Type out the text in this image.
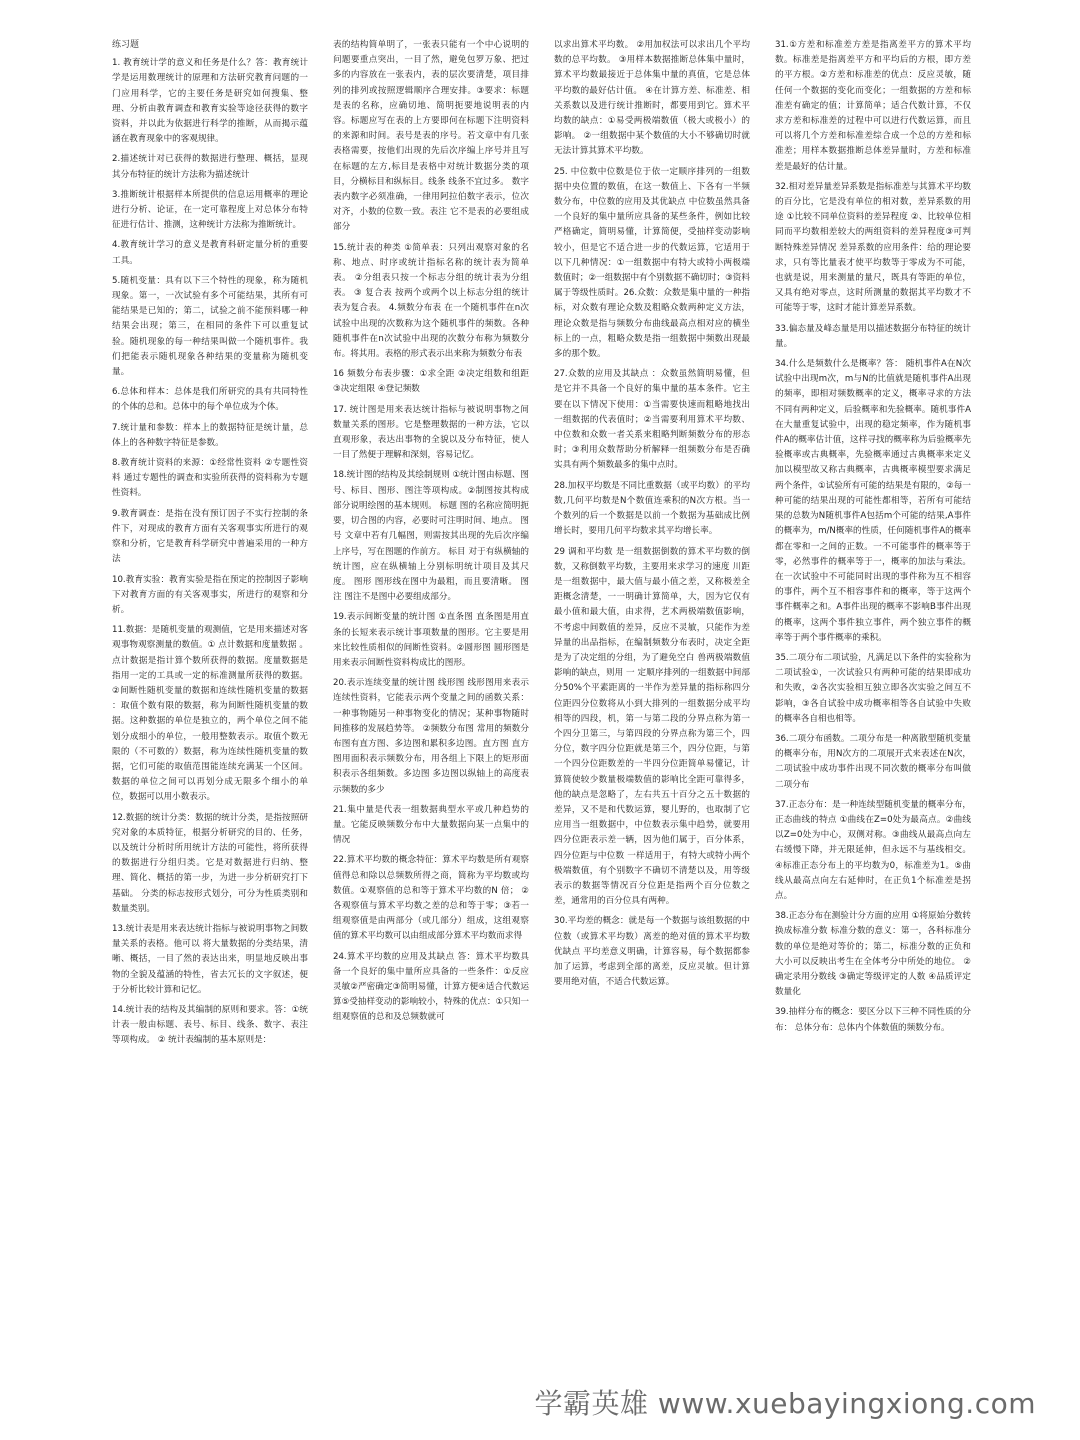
练习题

1. 教育统计学的意义和任务是什么？答：教育统计学是运用数理统计的原理和方法研究教育问题的一门应用科学，它的主要任务是研究如何搜集、整理、分析由教育调查和教育实验等途径获得的数字资料，并以此为依据进行科学的推断，从而揭示蕴涵在教育现象中的客观规律。

2.描述统计对已获得的数据进行整理、概括，显现其分布特征的统计方法称为描述统计

3.推断统计根据样本所提供的信息运用概率的理论进行分析、论证，在一定可靠程度上对总体分布特征进行估计、推测，这种统计方法称为推断统计。

4.教育统计学习的意义是教育科研定量分析的重要工具。

5.随机变量：具有以下三个特性的现象，称为随机现象。第一，一次试验有多个可能结果，其所有可能结果是已知的；第二，试验之前不能预料哪一种结果会出现；第三，在相同的条件下可以重复试验。随机现象的每一种结果叫做一个随机事件。我们把能表示随机现象各种结果的变量称为随机变量。

6.总体和样本：总体是我们所研究的具有共同特性的个体的总和。总体中的每个单位成为个体。

7.统计量和参数：样本上的数据特征是统计量，总体上的各种数字特征是参数。

8.教育统计资料的来源：①经常性资料 ②专题性资料 通过专题性的调查和实验所获得的资料称为专题性资料。

9.教育调查：是指在没有预订因子不实行控制的条件下，对现成的教育方面有关客观事实所进行的观察和分析，它是教育科学研究中普遍采用的一种方法

10.教育实验：教育实验是指在预定的控制因子影响下对教育方面的有关客观事实，所进行的观察和分析。

11.数据：是随机变量的观测值，它是用来描述对客观事物观察测量的数值。① 点计数据和度量数据 。点计数据是指计算个数所获得的数据。度量数据是指用一定的工具或一定的标准测量所获得的数据。 ②间断性随机变量的数据和连续性随机变量的数据 ：取值个数有限的数据，称为间断性随机变量的数据。这种数据的单位是独立的，两个单位之间不能划分成细小的单位，一般用整数表示。取值个数无限的（不可数的）数据，称为连续性随机变量的数据，它们可能的取值范围能连续充满某一个区间。数据的单位之间可以再划分成无限多个细小的单位，数据可以用小数表示。

12.数据的统计分类：数据的统计分类，是指按照研究对象的本质特征，根据分析研究的目的、任务，以及统计分析时所用统计方法的可能性，将所获得的数据进行分组归类。它是对数据进行归纳、整理、简化、概括的第一步，为进一步分析研究打下基础。 分类的标志按形式划分，可分为性质类别和数量类别。

13.统计表是用来表达统计指标与被说明事物之间数量关系的表格。他可以 将大量数据的分类结果，清晰、概括，一目了然的表达出来，明显地反映出事物的全貌及蕴涵的特性，省去冗长的文字叙述，便于分析比较计算和记忆。

14.统计表的结构及其编制的原则和要求。答：①统计表一般由标题、表号、标目、线条、数字、表注等项构成。 ② 统计表编制的基本原则是：

表的结构简单明了，一张表只能有一个中心说明的问题要重点突出，一目了然，避免包罗万象、把过多的内容放在一张表内，表的层次要清楚，项目排列的排列或按照逻辑顺序合理安排。③要求：标题是表的名称，应确切地、简明扼要地说明表的内容。标题应写在表的上方要即何在标题下注明资料的来源和时间。表号是表的序号。若文章中有几张表格需要，按他们出现的先后次序编上序号并且写在标题的左方,标目是表格中对统计数据分类的项目，分横标目和纵标目。线条 线条不宜过多。 数字 表内数字必须准确，一律用阿拉伯数字表示，位次对齐，小数的位数一致。表注 它不是表的必要组成部分

15.统计表的种类 ①简单表：只列出观察对象的名称、地点、时序或统计指标名称的统计表为简单表。 ②分组表只按一个标志分组的统计表为分组表。 ③ 复合表 按两个或两个以上标志分组的统计表为复合表。 4.频数分布表 在一个随机事件在n次试验中出现的次数称为这个随机事件的频数。各种随机事件在n次试验中出现的次数分布称为频数分布。将其用。表格的形式表示出来称为频数分布表

16 频数分布表步骤：①求全距 ②决定组数和组距 ③决定组限 ④登记频数

17. 统计图是用来表达统计指标与被说明事物之间数量关系的图形。它是整理数据的一种方法，它以直观形象，表达出事物的全貌以及分布特征，使人一目了然便于理解和深刻，容易记忆。

18.统计图的结构及其绘制规则 ①统计图由标题、图号、标目、图形、图注等项构成。②制图按其构成部分说明绘图的基本规则。 标题 图的名称应简明扼要，切合图的内容，必要时可注明时间、地点。 图号 文章中若有几幅图，则需按其出现的先后次序编上序号，写在图题的作前方。 标目 对于有纵横轴的统计图，应在纵横轴上分别标明统计项目及其尺度。 图形 图形线在图中为最粗，而且要清晰。 图注 图注不是图中必要组成部分。

19.表示间断变量的统计图 ①直条图 直条图是用直条的长短来表示统计事项数量的图形。它主要是用来比较性质相似的间断性资料。②圆形图 圆形图是用来表示间断性资料构成比的图形。

20.表示连续变量的统计图 线形图 线形图用来表示连续性资料，它能表示两个变量之间的函数关系：一种事物随另一种事物变化的情况；某种事物随时间推移的发展趋势等。 ②频数分布图 常用的频数分布图有直方图、多边图和累积多边图。直方图 直方图用面积表示频数分布，用各组上下限上的矩形面积表示各组频数。多边图 多边图以纵轴上的高度表示频数的多少

21.集中量是代表一组数据典型水平或几种趋势的量。它能反映频数分布中大量数据向某一点集中的情况

22.算术平均数的概念特征：算术平均数是所有观察值得总和除以总频数所得之商，简称为平均数或均数值。①观察值的总和等于算术平均数的N 倍； ② 各观察值与算术平均数之差的总和等于零；③若一组观察值是由两部分（或几部分）组成，这组观察值的算术平均数可以由组成部分算术平均数而求得

24.算术平均数的应用及其缺点 答：算术平均数具备一个良好的集中量所应具备的一些条件：①反应灵敏②严密确定③简明易懂，计算方便④适合代数运算⑤受抽样变动的影响较小，特殊的优点：①只知一组观察值的总和及总频数就可

以求出算术平均数。 ②用加权法可以求出几个平均数的总平均数。 ③用样本数据推断总体集中量时，算术平均数最接近于总体集中量的真值，它是总体平均数的最好估计值。 ④在计算方差、标准差、相关系数以及进行统计推断时，都要用到它。算术平均数的缺点：①易受两极端数值（极大或极小）的影响。 ②一组数据中某个数值的大小不够确切时就无法计算其算术平均数。

25. 中位数中位数是位于依一定顺序排列的一组数据中央位置的数值，在这一数值上、下各有一半频数分布，中位数的应用及其优缺点 中位数虽然具备一个良好的集中量所应具备的某些条件，例如比较严格确定，简明易懂，计算简便，受抽样变动影响较小，但是它不适合进一步的代数运算，它适用于以下几种情况：①一组数据中有特大或特小两极端数值时；②一组数据中有个别数据不确切时；③资料属于等级性质时。26.众数：众数是集中量的一种指标，对众数有理论众数及粗略众数两种定义方法，理论众数是指与频数分布曲线最高点相对应的横坐标上的一点，粗略众数是指一组数据中频数出现最多的那个数。

27.众数的应用及其缺点 ：众数虽然简明易懂，但是它并不具备一个良好的集中量的基本条件。它主要在以下情况下使用：①当需要快速而粗略地找出一组数据的代表值时；②当需要利用算术平均数、中位数和众数一者关系来粗略判断频数分布的形态时；③利用众数帮助分析解释一组频数分布是否确实具有两个频数最多的集中点时。

28.加权平均数是不同比重数据（或平均数）的平均数,几何平均数是N个数值连乘积的N次方根。当一个数列的后一个数据是以前一个数据为基础成比例增长时，要用几何平均数求其平均增长率。

29 调和平均数 是一组数据倒数的算术平均数的倒数，又称倒数平均数，主要用来求学习的速度 川距是一组数据中，最大值与最小值之差，又称极差全距概念清楚，一一明确计算简单，大，因为它仅有最小值和最大值，由求得，艺术两极端数值影响，不考虑中间数值的差异，反应不灵敏，只能作为差异量的出品指标，在编制频数分布表时，决定全距是为了决定组的分组，为了避免空白 兽两极端数值影响的缺点，则用 一 定顺序排列的一组数据中间部分50%个平素距离的一半作为差异量的指标称四分位距四分位数将从小到大排列的一组数据分成平均相等的四段，机，第一与第二段的分界点称为第一个四分卫第三，与第四段的分界点称为第三个，四分位，数字四分位距就是第三个，四分位距，与第一个四分位距数差的一半四分位距简单易懂记，计算简使较少数量极端数值的影响比全距可靠得多，他的缺点是忽略了，左右共五十百分之五十数据的差异，又不是和代数运算，婴儿野的，也取制了它应用当一组数据中，中位数表示集中趋势，就要用四分位距表示差一辆，因为他们属于，百分体系，四分位距与中位数 一样适用于，有特大或特小两个极端数值，有个别数字不确切不清楚以及，用等级表示的数据等情况百分位距是指两个百分位数之差，通常用的百分位具有两种。

30.平均差的概念：就是每一个数据与该组数据的中位数（或算术平均数）离差的绝对值的算术平均数优缺点 平均差意义明确，计算容易，每个数据都参加了运算，考虑到全部的离差，反应灵敏。但计算要用绝对值，不适合代数运算。

31.①方差和标准差方差是指离差平方的算术平均数。标准差是指离差平方和平均后的方根，即方差的平方根。②方差和标准差的优点：反应灵敏，随任何一个数据的变化而变化；一组数据的方差和标准差有确定的值；计算简单；适合代数计算，不仅求方差和标准差的过程中可以进行代数运算，而且可以将几个方差和标准差综合成一个总的方差和标准差；用样本数据推断总体差异量时，方差和标准差是最好的估计量。

32.相对差异量差异系数是指标准差与其算术平均数的百分比，它是没有单位的相对数，差异系数的用途 ①比较不同单位资料的差异程度 ②、比较单位相同而平均数相差较大的两组资料的差异程度③可判断特殊差异情况 差异系数的应用条件：给的理论要求，只有等比量表才使平均数等于零成为不可能，也就是说，用来测量的量尺，既具有等距的单位，又具有绝对零点，这时所测量的数据其平均数才不可能等于零，这时才能计算差异系数。

33.偏态量及峰态量是用以描述数据分布特征的统计量。

34.什么是频数什么是概率？答： 随机事件A在N次试验中出现m次，m与N的比值就是随机事件A出现的频率，即相对频数概率的定义，概率寻求的方法不同有两种定义，后验概率和先验概率。随机事件A在大量重复试验中，出现的稳定频率，作为随机事件A的概率估计值，这样寻找的概率称为后验概率先验概率或古典概率，先验概率通过古典概率来定义加以模型故又称古典概率，古典概率模型要求满足两个条件，①试验所有可能的结果是有限的，②每一种可能的结果出现的可能性都相等，若所有可能结果的总数为N随机事件A包括m个可能的结果,A事件的概率为，m/N概率的性质，任何随机事件A的概率都在零和一之间的正数。一不可能事件的概率等于零，必然事件的概率等于一，概率的加法与乘法。在一次试验中不可能同时出现的事件称为互不相容的事件，两个互不相容事件和的概率，等于这两个事件概率之和。A事件出现的概率不影响B事件出现的概率，这两个事件独立事件，两个独立事件的概率等于两个事件概率的乘积。

35.二项分布二项试验，凡满足以下条件的实验称为二项试验①，一次试验只有两种可能的结果即成功和失败，②各次实验相互独立即各次实验之间互不影响，③各自试验中成功概率相等各自试验中失败的概率各自相也相等。

36.二项分布函数。二项分布是一种离散型随机变量的概率分布，用N次方的二项展开式来表述在N次，二项试验中成功事件出现不同次数的概率分布叫做二项分布

37.正态分布：是一种连续型随机变量的概率分布，正态曲线的特点 ①曲线在Z=0处为最高点。②曲线以Z=0处为中心，双侧对称。③曲线从最高点向左右缓慢下降，并无限延伸，但永远不与基线相交。④标准正态分布上的平均数为0，标准差为1。⑤曲线从最高点向左右延伸时，在正负1个标准差是拐点。

38.正态分布在测验计分方面的应用 ①将原始分数转换成标准分数 标准分数的意义：第一，各科标准分数的单位是绝对等价的；第二，标准分数的正负和大小可以反映出考生在全体考分中所处的地位。 ②确定录用分数线 ③确定等级评定的人数 ④品质评定数量化

39.抽样分布的概念：要区分以下三种不同性质的分布： 总体分布：总体内个体数值的频数分布。

学霸英雄 www.xuebayingxiong.com
